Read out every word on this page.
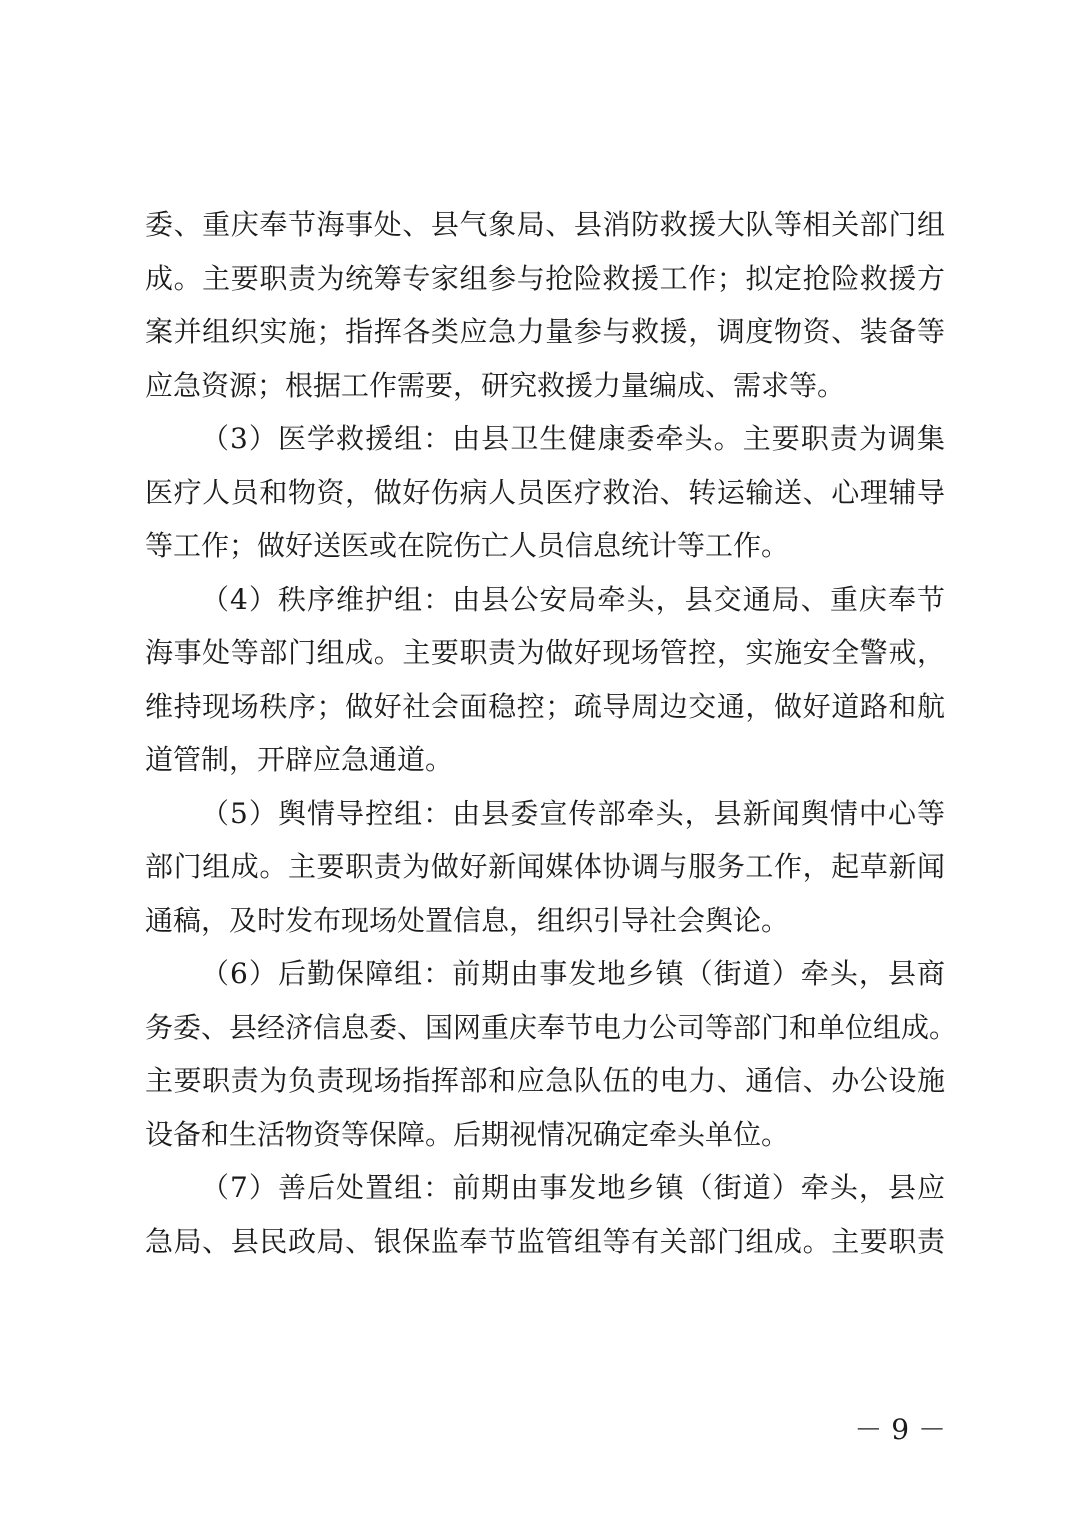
委、重庆奉节海事处、县气象局、县消防救援大队等相关部门组
成。主要职责为统筹专家组参与抢险救援工作；拟定抢险救援方
案并组织实施；指挥各类应急力量参与救援，调度物资、装备等
应急资源；根据工作需要，研究救援力量编成、需求等。
（3）医学救援组：由县卫生健康委牵头。主要职责为调集
医疗人员和物资，做好伤病人员医疗救治、转运输送、心理辅导
等工作；做好送医或在院伤亡人员信息统计等工作。
（4）秩序维护组：由县公安局牵头，县交通局、重庆奉节
海事处等部门组成。主要职责为做好现场管控，实施安全警戒，
维持现场秩序；做好社会面稳控；疏导周边交通，做好道路和航
道管制，开辟应急通道。
（5）舆情导控组：由县委宣传部牵头，县新闻舆情中心等
部门组成。主要职责为做好新闻媒体协调与服务工作，起草新闻
通稿，及时发布现场处置信息，组织引导社会舆论。
（6）后勤保障组：前期由事发地乡镇（街道）牵头，县商
务委、县经济信息委、国网重庆奉节电力公司等部门和单位组成。
主要职责为负责现场指挥部和应急队伍的电力、通信、办公设施
设备和生活物资等保障。后期视情况确定牵头单位。
（7）善后处置组：前期由事发地乡镇（街道）牵头，县应
急局、县民政局、银保监奉节监管组等有关部门组成。主要职责
－ 9 －
